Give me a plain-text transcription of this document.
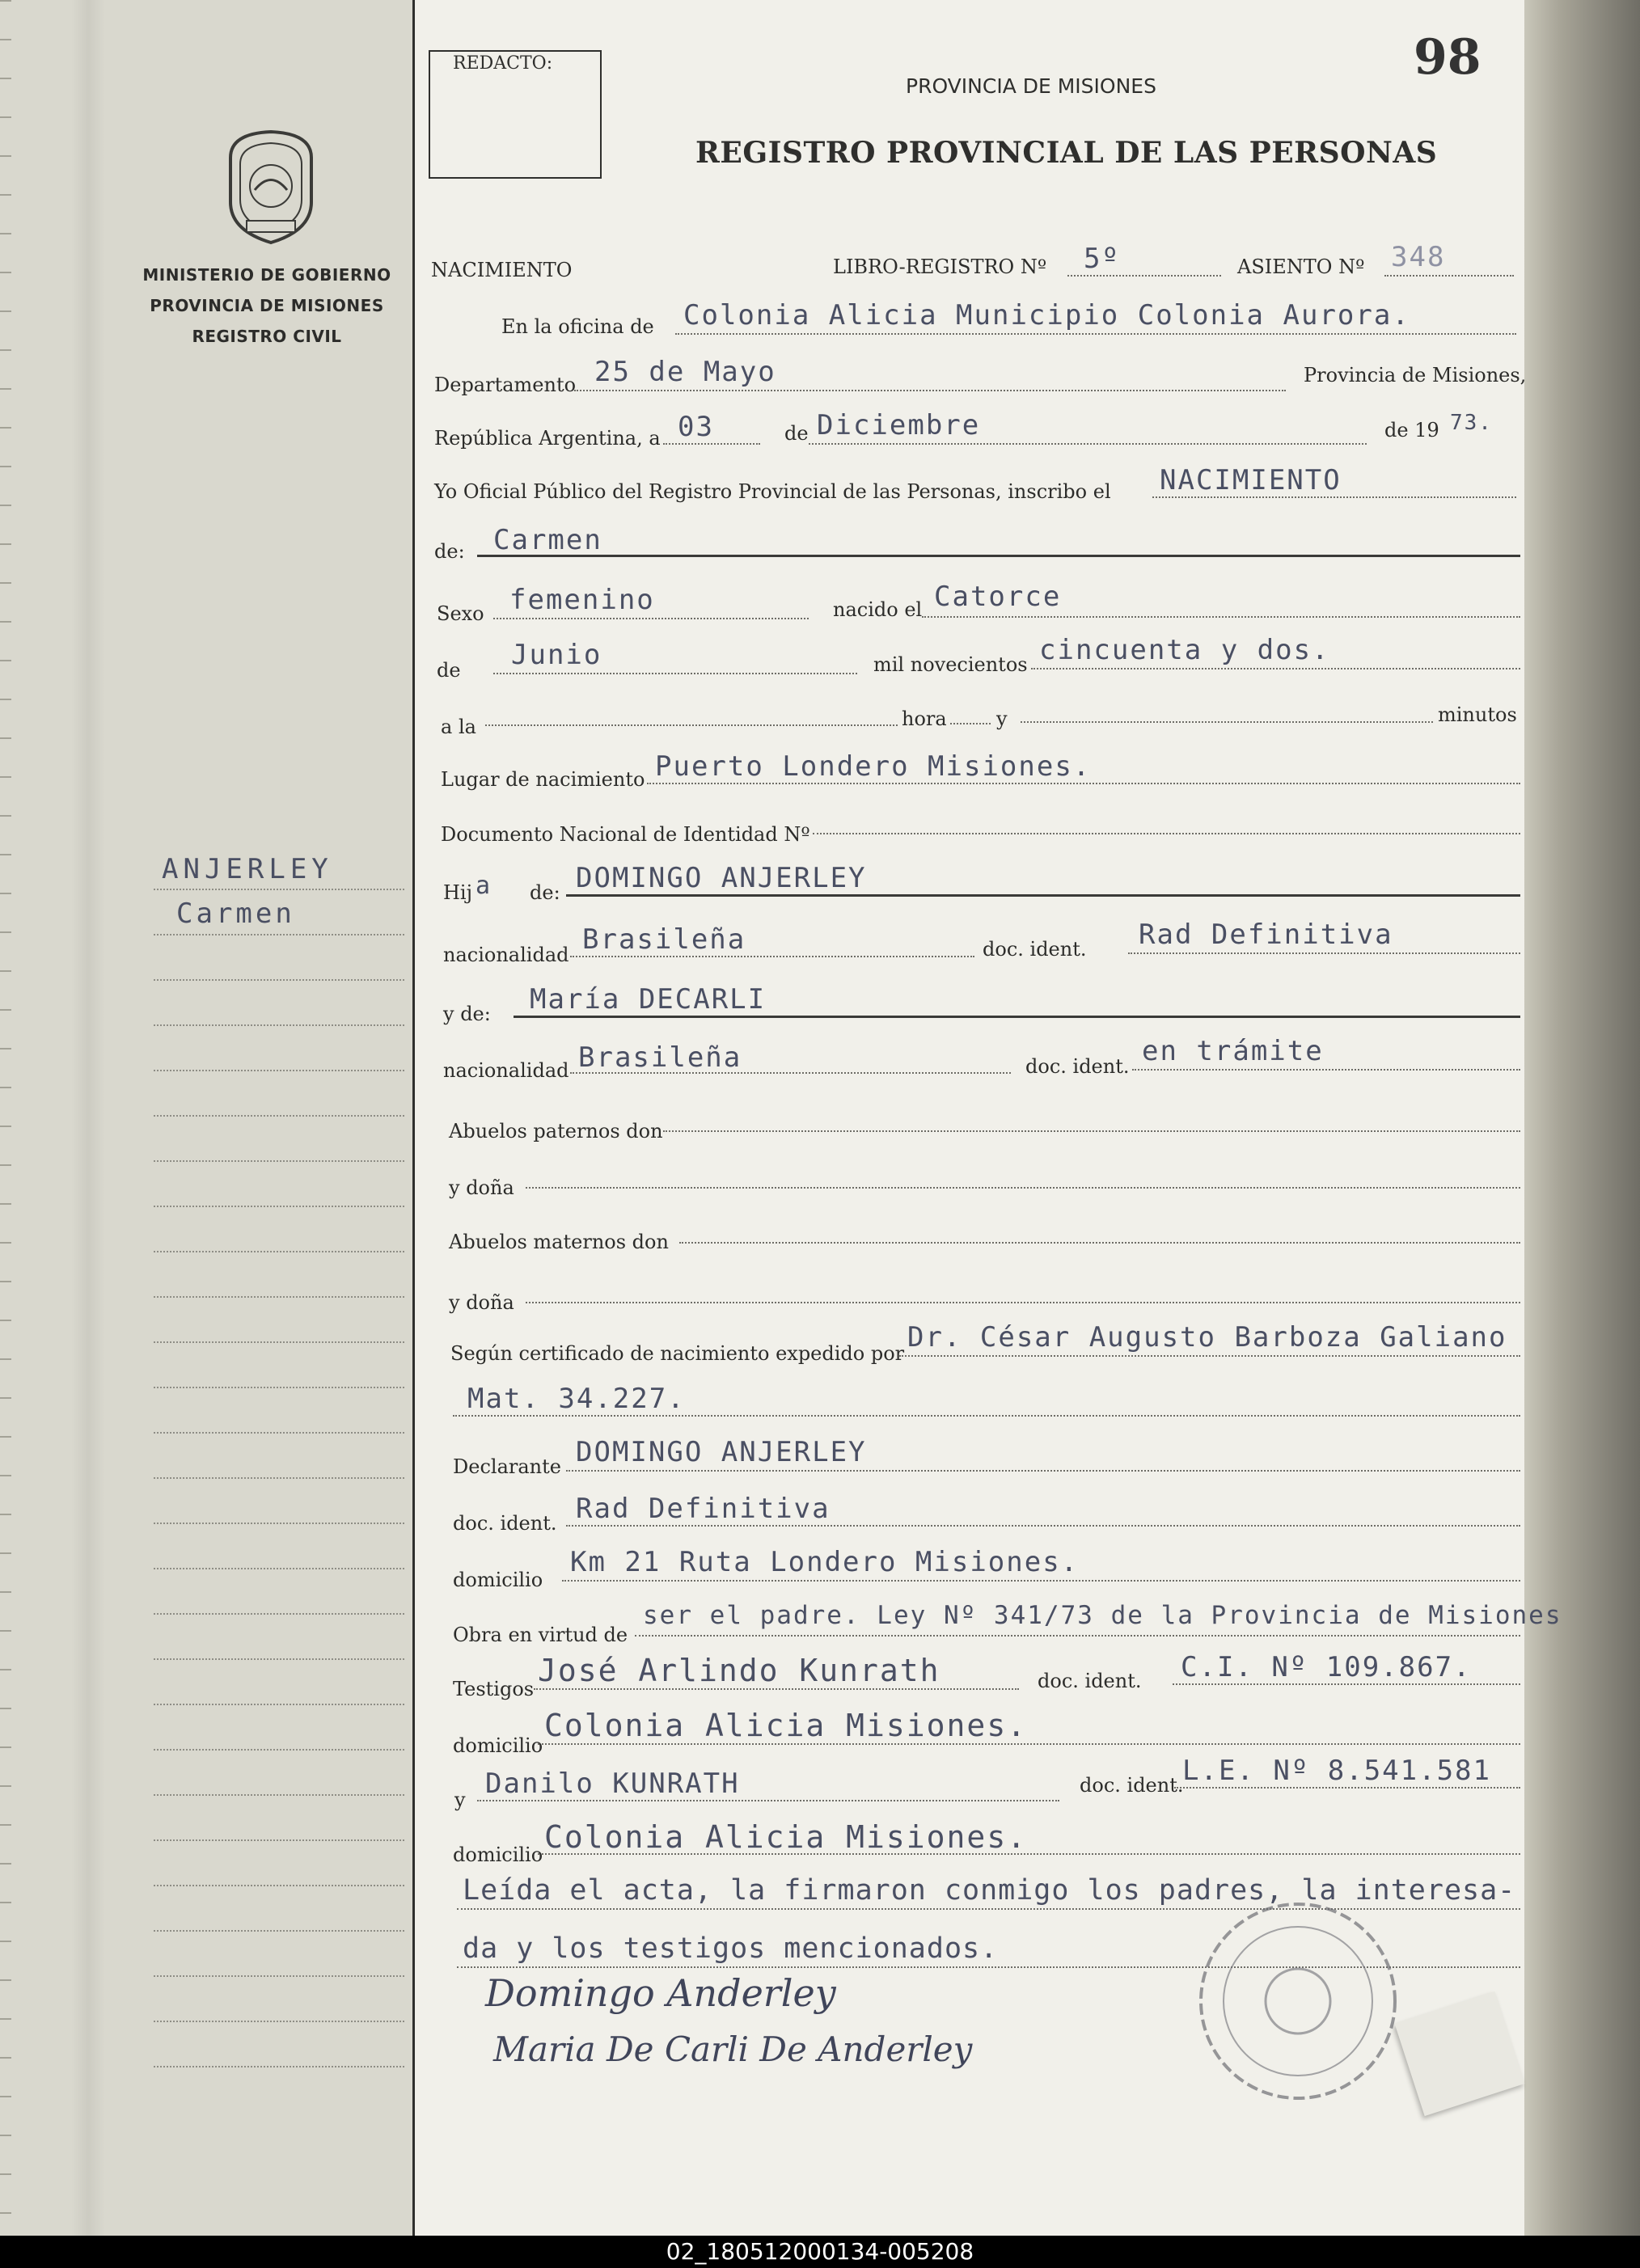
MINISTERIO DE GOBIERNO
PROVINCIA DE MISIONES
REGISTRO CIVIL
ANJERLEY
Carmen
REDACTO:	98
PROVINCIA DE MISIONES
REGISTRO PROVINCIAL DE LAS PERSONAS
NACIMIENTO	LIBRO-REGISTRO Nº 5º	ASIENTO Nº 348
En la oficina de Colonia Alicia Municipio Colonia Aurora.
Departamento 25 de Mayo	Provincia de Misiones,
República Argentina, a 03	de Diciembre	de 19 73.
Yo Oficial Público del Registro Provincial de las Personas, inscribo el NACIMIENTO
de: Carmen
Sexo femenino	nacido el Catorce
de Junio	mil novecientos cincuenta y dos.
a la	hora	y	minutos
Lugar de nacimiento Puerto Londero Misiones.
Documento Nacional de Identidad Nº
Hij a de: DOMINGO ANJERLEY
nacionalidad Brasileña	doc. ident. Rad Definitiva
y de: María DECARLI
nacionalidad Brasileña	doc. ident. en trámite
Abuelos paternos don
y doña
Abuelos maternos don
y doña
Según certificado de nacimiento expedido por Dr. César Augusto Barboza Galiano
Mat. 34.227.
Declarante DOMINGO ANJERLEY
doc. ident. Rad Definitiva
domicilio
Km 21 Ruta Londero Misiones.
Obra en virtud de
ser el padre. Ley Nº 341/73 de la Provincia de Misiones
Testigos
José Arlindo Kunrath	doc. ident. C.I. Nº 109.867.
domicilio
Colonia Alicia Misiones.
y Danilo KUNRATH	doc. ident.
L.E. Nº 8.541.581
domicilio Colonia Alicia Misiones.
Leída el acta, la firmaron conmigo los padres, la interesa-
da y los testigos mencionados.
Domingo Anderley
Maria De Carli De Anderley
02_180512000134-005208
